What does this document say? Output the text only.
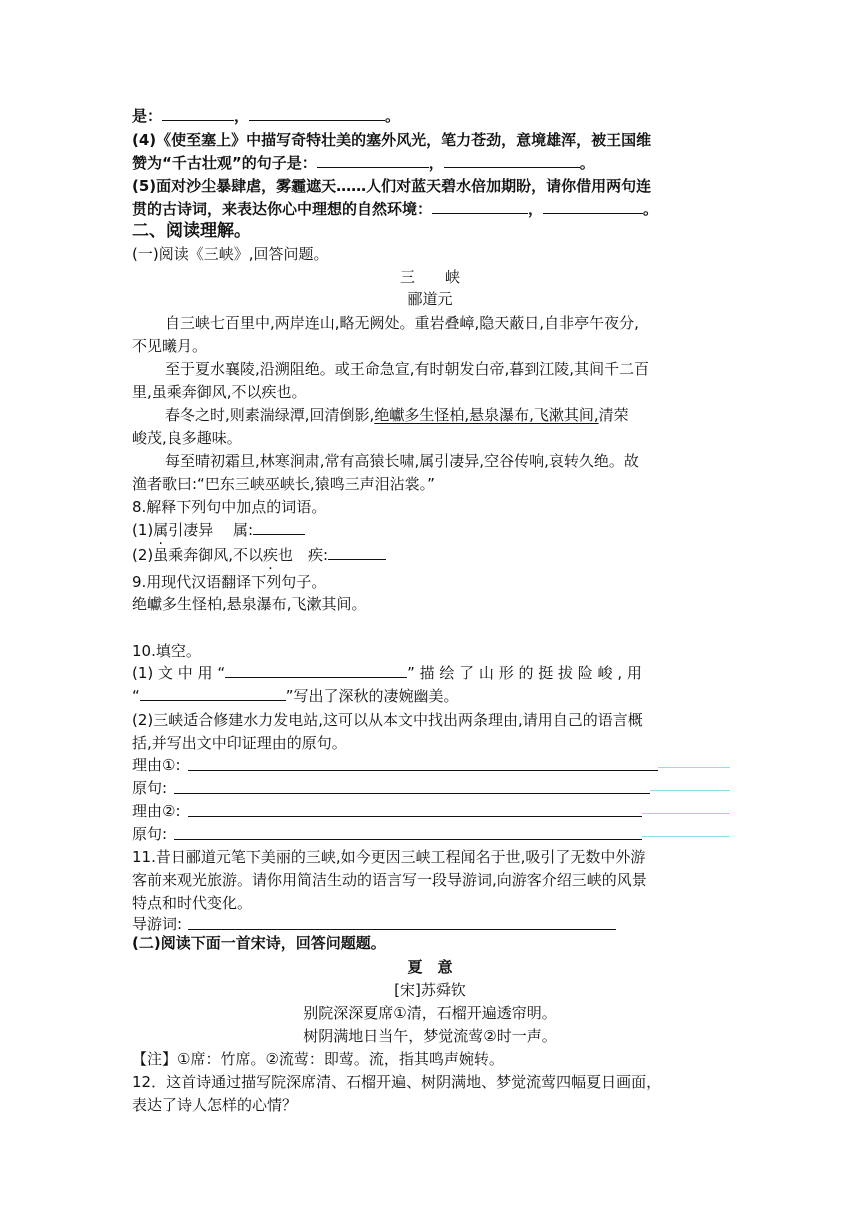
是：	，	。
(4)《使至塞上》中描写奇特壮美的塞外风光，笔力苍劲，意境雄浑，被王国维
赞为“千古壮观”的句子是：	，	。
(5)面对沙尘暴肆虐，雾霾遮天……人们对蓝天碧水倍加期盼，请你借用两句连
贯的古诗词，来表达你心中理想的自然环境：	，	。
二、阅读理解。
(一)阅读《三峡》,回答问题。
三　　峡
郦道元
自三峡七百里中,两岸连山,略无阙处。重岩叠嶂,隐天蔽日,自非亭午夜分,
不见曦月。
至于夏水襄陵,沿溯阻绝。或王命急宣,有时朝发白帝,暮到江陵,其间千二百
里,虽乘奔御风,不以疾也。
春冬之时,则素湍绿潭,回清倒影,绝巘多生怪柏,悬泉瀑布,飞漱其间,清荣
峻茂,良多趣味。
每至晴初霜旦,林寒涧肃,常有高猿长啸,属引凄异,空谷传响,哀转久绝。故
渔者歌曰:“巴东三峡巫峡长,猿鸣三声泪沾裳。”
8.解释下列句中加点的词语。
(1)属引凄异　 属:
(2)虽乘奔御风,不以疾也　疾:
9.用现代汉语翻译下列句子。
绝巘多生怪柏,悬泉瀑布,飞漱其间。
10.填空。
(1) 文 中 用 “	” 描 绘 了 山 形 的 挺 拔 险 峻 , 用
“	”写出了深秋的凄婉幽美。
(2)三峡适合修建水力发电站,这可以从本文中找出两条理由,请用自己的语言概
括,并写出文中印证理由的原句。
理由①:
原句:
理由②:
原句:
11.昔日郦道元笔下美丽的三峡,如今更因三峡工程闻名于世,吸引了无数中外游
客前来观光旅游。请你用简洁生动的语言写一段导游词,向游客介绍三峡的风景
特点和时代变化。
导游词:
(二)阅读下面一首宋诗，回答问题题。
夏　意
[宋]苏舜钦
别院深深夏席①清，石榴开遍透帘明。
树阴满地日当午，梦觉流莺②时一声。
【注】①席：竹席。②流莺：即莺。流，指其鸣声婉转。
12．这首诗通过描写院深席清、石榴开遍、树阴满地、梦觉流莺四幅夏日画面，
表达了诗人怎样的心情？
